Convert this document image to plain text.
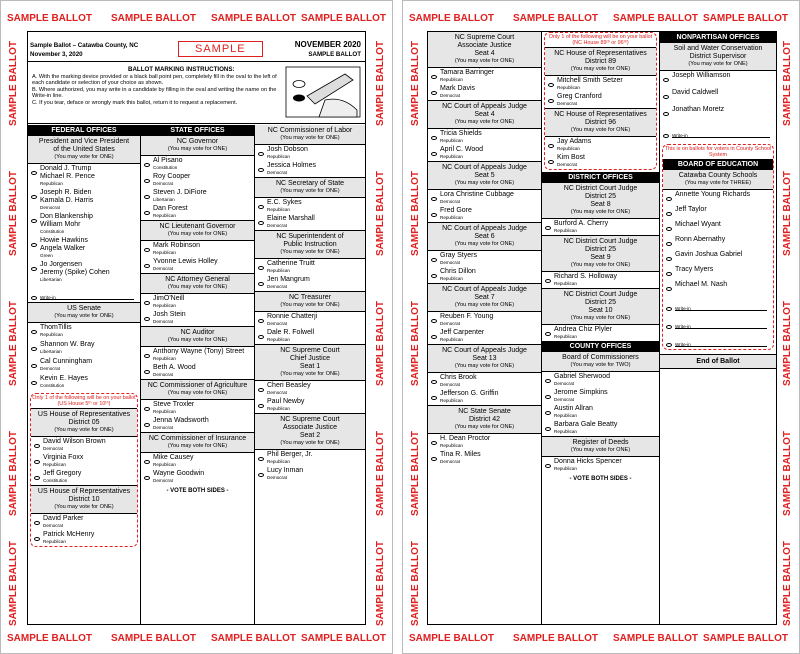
SAMPLE BALLOT
SAMPLE BALLOT
SAMPLE BALLOT
SAMPLE BALLOT
SAMPLE BALLOT
SAMPLE BALLOT
SAMPLE BALLOT
SAMPLE BALLOT
SAMPLE BALLOT	SAMPLE BALLOT
SAMPLE BALLOT	SAMPLE BALLOT
SAMPLE BALLOT	SAMPLE BALLOT
SAMPLE BALLOT	SAMPLE BALLOT
SAMPLE BALLOT	SAMPLE BALLOT
Sample Ballot – Catawba County, NC
November 3, 2020	SAMPLE	NOVEMBER 2020
SAMPLE BALLOT
BALLOT MARKING INSTRUCTIONS:
A. With the marking device provided or a black ball point pen, completely fill in the oval to the left of each candidate or selection of your choice as shown.
B. Where authorized, you may write in a candidate by filling in the oval and writing the name on the Write-in line.
C. If you tear, deface or wrongly mark this ballot, return it to request a replacement.
FEDERAL OFFICES
President and Vice President
of the United States
(You may vote for ONE)
Donald J. Trump
Michael R. Pence
Republican
Joseph R. Biden
Kamala D. Harris
Democrat
Don Blankenship
William Mohr
Constitution
Howie Hawkins
Angela Walker
Green
Jo Jorgensen
Jeremy (Spike) Cohen
Libertarian
Write-in
US Senate
(You may vote for ONE)
ThomTillis
Republican
Shannon W. Bray
Libertarian
Cal Cunningham
Democrat
Kevin E. Hayes
Constitution
Only 1 of the following will be on your ballot (US House 5ᵗʰ or 10ᵗʰ)
US House of Representatives
District 05
(You may vote for ONE)
David Wilson Brown
Democrat
Virginia Foxx
Republican
Jeff Gregory
Constitution
US House of Representatives
District 10
(You may vote for ONE)
David Parker
Democrat
Patrick McHenry
Republican
STATE OFFICES
NC Governor
(You may vote for ONE)
Al Pisano
Constitution
Roy Cooper
Democrat
Steven J. DiFiore
Libertarian
Dan Forest
Republican
NC Lieutenant Governor
(You may vote for ONE)
Mark Robinson
Republican
Yvonne Lewis Holley
Democrat
NC Attorney General
(You may vote for ONE)
JimO'Neill
Republican
Josh Stein
Democrat
NC Auditor
(You may vote for ONE)
Anthony Wayne (Tony) Street
Republican
Beth A. Wood
Democrat
NC Commissioner of Agriculture
(You may vote for ONE)
Steve Troxler
Republican
Jenna Wadsworth
Democrat
NC Commissioner of Insurance
(You may vote for ONE)
Mike Causey
Republican
Wayne Goodwin
Democrat
- VOTE BOTH SIDES -
NC Commissioner of Labor
(You may vote for ONE)
Josh Dobson
Republican
Jessica Holmes
Democrat
NC Secretary of State
(You may vote for ONE)
E.C. Sykes
Republican
Elaine Marshall
Democrat
NC Superintendent of
Public Instruction
(You may vote for ONE)
Catherine Truitt
Republican
Jen Mangrum
Democrat
NC Treasurer
(You may vote for ONE)
Ronnie Chatterji
Democrat
Dale R. Folwell
Republican
NC Supreme Court
Chief Justice
Seat 1
(You may vote for ONE)
Cheri Beasley
Democrat
Paul Newby
Republican
NC Supreme Court
Associate Justice
Seat 2
(You may vote for ONE)
Phil Berger, Jr.
Republican
Lucy Inman
Democrat
SAMPLE BALLOT
SAMPLE BALLOT
SAMPLE BALLOT
SAMPLE BALLOT
SAMPLE BALLOT
SAMPLE BALLOT
SAMPLE BALLOT
SAMPLE BALLOT
SAMPLE BALLOT	SAMPLE BALLOT
SAMPLE BALLOT	SAMPLE BALLOT
SAMPLE BALLOT	SAMPLE BALLOT
SAMPLE BALLOT	SAMPLE BALLOT
SAMPLE BALLOT	SAMPLE BALLOT
NC Supreme Court
Associate Justice
Seat 4
(You may vote for ONE)
Tamara Barringer
Republican
Mark Davis
Democrat
NC Court of Appeals Judge
Seat 4
(You may vote for ONE)
Tricia Shields
Republican
April C. Wood
Republican
NC Court of Appeals Judge
Seat 5
(You may vote for ONE)
Lora Christine Cubbage
Democrat
Fred Gore
Republican
NC Court of Appeals Judge
Seat 6
(You may vote for ONE)
Gray Styers
Democrat
Chris Dillon
Republican
NC Court of Appeals Judge
Seat 7
(You may vote for ONE)
Reuben F. Young
Democrat
Jeff Carpenter
Republican
NC Court of Appeals Judge
Seat 13
(You may vote for ONE)
Chris Brook
Democrat
Jefferson G. Griffin
Republican
NC State Senate
District 42
(You may vote for ONE)
H. Dean Proctor
Republican
Tina R. Miles
Democrat
Only 1 of the following will be on your ballot (NC House 89ᵗʰ or 96ᵗʰ)
NC House of Representatives
District 89
(You may vote for ONE)
Mitchell Smith Setzer
Republican
Greg Cranford
Democrat
NC House of Representatives
District 96
(You may vote for ONE)
Jay Adams
Republican
Kim Bost
Democrat
DISTRICT OFFICES
NC District Court Judge
District 25
Seat 8
(You may vote for ONE)
Burford A. Cherry
Republican
NC District Court Judge
District 25
Seat 9
(You may vote for ONE)
Richard S. Holloway
Republican
NC District Court Judge
District 25
Seat 10
(You may vote for ONE)
Andrea Chiz Plyler
Republican
COUNTY OFFICES
Board of Commissioners
(You may vote for TWO)
Gabriel Sherwood
Democrat
Jerome Simpkins
Democrat
Austin Allran
Republican
Barbara Gale Beatty
Republican
Register of Deeds
(You may vote for ONE)
Donna Hicks Spencer
Republican
- VOTE BOTH SIDES -
NONPARTISAN OFFICES
Soil and Water Conservation
District Supervisor
(You may vote for ONE)
Joseph Williamson
David Caldwell
Jonathan Moretz
Write-in
This is on ballots for voters in County School System
BOARD OF EDUCATION
Catawba County Schools
(You may vote for THREE)
Annette Young Richards
Jeff Taylor
Michael Wyant
Ronn Abernathy
Gavin Joshua Gabriel
Tracy Myers
Michael M. Nash
Write-in
Write-in
Write-in
End of Ballot
